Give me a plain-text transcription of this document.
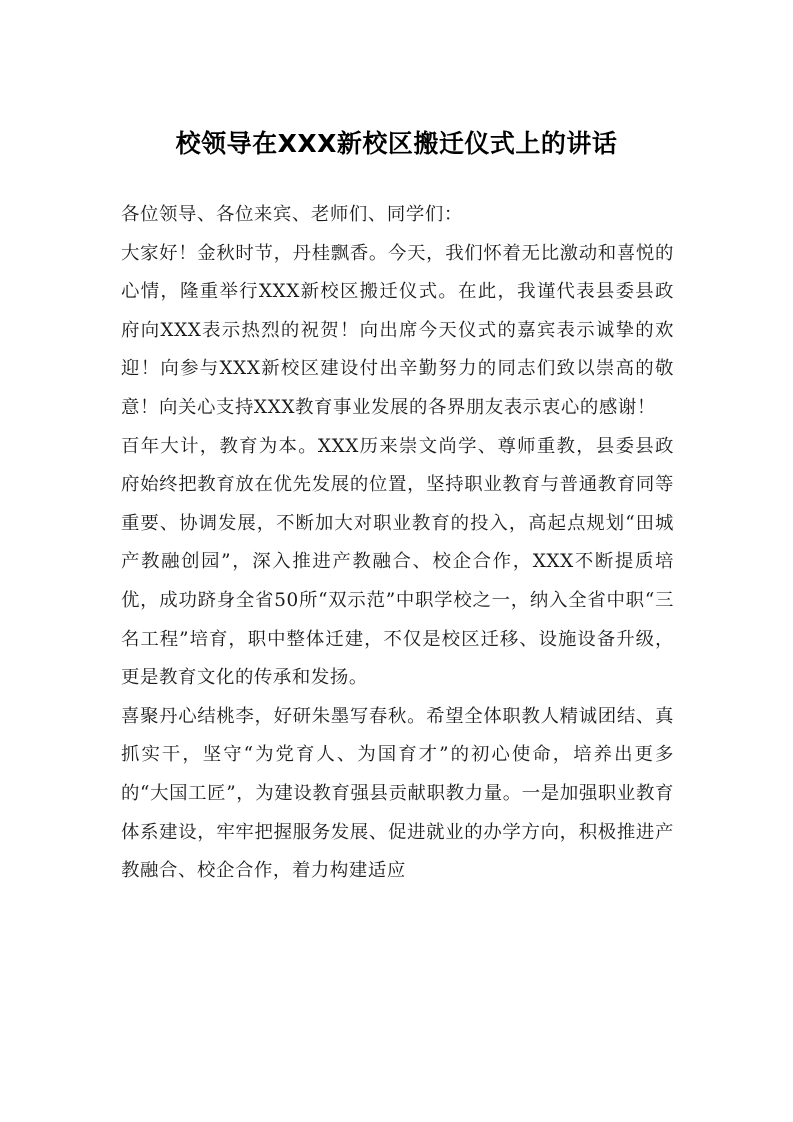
校领导在XXX新校区搬迁仪式上的讲话

各位领导、各位来宾、老师们、同学们：

大家好！金秋时节，丹桂飘香。今天，我们怀着无比激动和喜悦的心情，隆重举行XXX新校区搬迁仪式。在此，我谨代表县委县政府向XXX表示热烈的祝贺！向出席今天仪式的嘉宾表示诚挚的欢迎！向参与XXX新校区建设付出辛勤努力的同志们致以崇高的敬意！向关心支持XXX教育事业发展的各界朋友表示衷心的感谢！

百年大计，教育为本。XXX历来崇文尚学、尊师重教，县委县政府始终把教育放在优先发展的位置，坚持职业教育与普通教育同等重要、协调发展，不断加大对职业教育的投入，高起点规划“田城产教融创园”，深入推进产教融合、校企合作，XXX不断提质培优，成功跻身全省50所“双示范”中职学校之一，纳入全省中职“三名工程”培育，职中整体迁建，不仅是校区迁移、设施设备升级，更是教育文化的传承和发扬。

喜聚丹心结桃李，好研朱墨写春秋。希望全体职教人精诚团结、真抓实干，坚守“为党育人、为国育才”的初心使命，培养出更多的“大国工匠”，为建设教育强县贡献职教力量。一是加强职业教育体系建设，牢牢把握服务发展、促进就业的办学方向，积极推进产教融合、校企合作，着力构建适应
